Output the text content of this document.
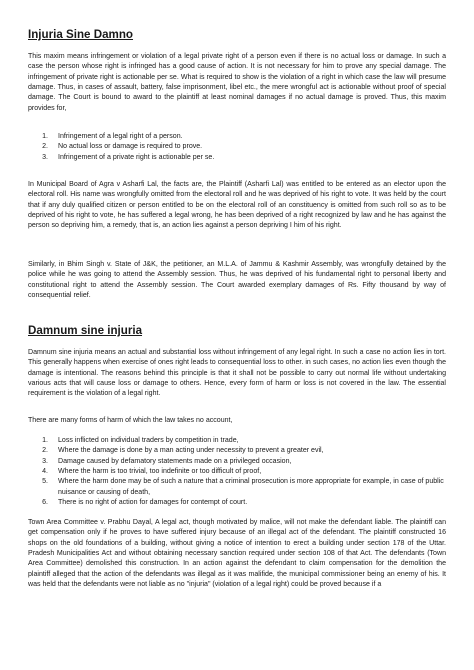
Injuria Sine Damno

This maxim means infringement or violation of a legal private right of a person even if there is no actual loss or damage. In such a case the person whose right is infringed has a good cause of action. It is not necessary for him to prove any special damage. The infringement of private right is actionable per se. What is required to show is the violation of a right in which case the law will presume damage. Thus, in cases of assault, battery, false imprisonment, libel etc., the mere wrongful act is actionable without proof of special damage. The Court is bound to award to the plaintiff at least nominal damages if no actual damage is proved. Thus, this maxim provides for,

1. Infringement of a legal right of a person.
2. No actual loss or damage is required to prove.
3. Infringement of a private right is actionable per se.

In Municipal Board of Agra v Asharfi Lal, the facts are, the Plaintiff (Asharfi Lal) was entitled to be entered as an elector upon the electoral roll. His name was wrongfully omitted from the electoral roll and he was deprived of his right to vote. It was held by the court that if any duly qualified citizen or person entitled to be on the electoral roll of an constituency is omitted from such roll so as to be deprived of his right to vote, he has suffered a legal wrong, he has been deprived of a right recognized by law and he has against the person so depriving him, a remedy, that is, an action lies against a person depriving I him of his right.

Similarly, in Bhim Singh v. State of J&K, the petitioner, an M.L.A. of Jammu & Kashmir Assembly, was wrongfully detained by the police while he was going to attend the Assembly session. Thus, he was deprived of his fundamental right to personal liberty and constitutional right to attend the Assembly session. The Court awarded exemplary damages of Rs. Fifty thousand by way of consequential relief.

Damnum sine injuria

Damnum sine injuria means an actual and substantial loss without infringement of any legal right. In such a case no action lies in tort. This generally happens when exercise of ones right leads to consequential loss to other. in such cases, no action lies even though the damage is intentional. The reasons behind this principle is that it shall not be possible to carry out normal life without undertaking various acts that will cause loss or damage to others. Hence, every form of harm or loss is not covered in the law. The essential requirement is the violation of a legal right.

There are many forms of harm of which the law takes no account,

1. Loss inflicted on individual traders by competition in trade,
2. Where the damage is done by a man acting under necessity to prevent a greater evil,
3. Damage caused by defamatory statements made on a privileged occasion,
4. Where the harm is too trivial, too indefinite or too difficult of proof,
5. Where the harm done may be of such a nature that a criminal prosecution is more appropriate for example, in case of public nuisance or causing of death,
6. There is no right of action for damages for contempt of court.

Town Area Committee v. Prabhu Dayal, A legal act, though motivated by malice, will not make the defendant liable. The plaintiff can get compensation only if he proves to have suffered injury because of an illegal act of the defendant. The plaintiff constructed 16 shops on the old foundations of a building, without giving a notice of intention to erect a building under section 178 of the Uttar. Pradesh Municipalities Act and without obtaining necessary sanction required under section 108 of that Act. The defendants (Town Area Committee) demolished this construction. In an action against the defendant to claim compensation for the demolition the plaintiff alleged that the action of the defendants was illegal as it was malifide, the municipal commissioner being an enemy of his. It was held that the defendants were not liable as no "injuria" (violation of a legal right) could be proved because if a
